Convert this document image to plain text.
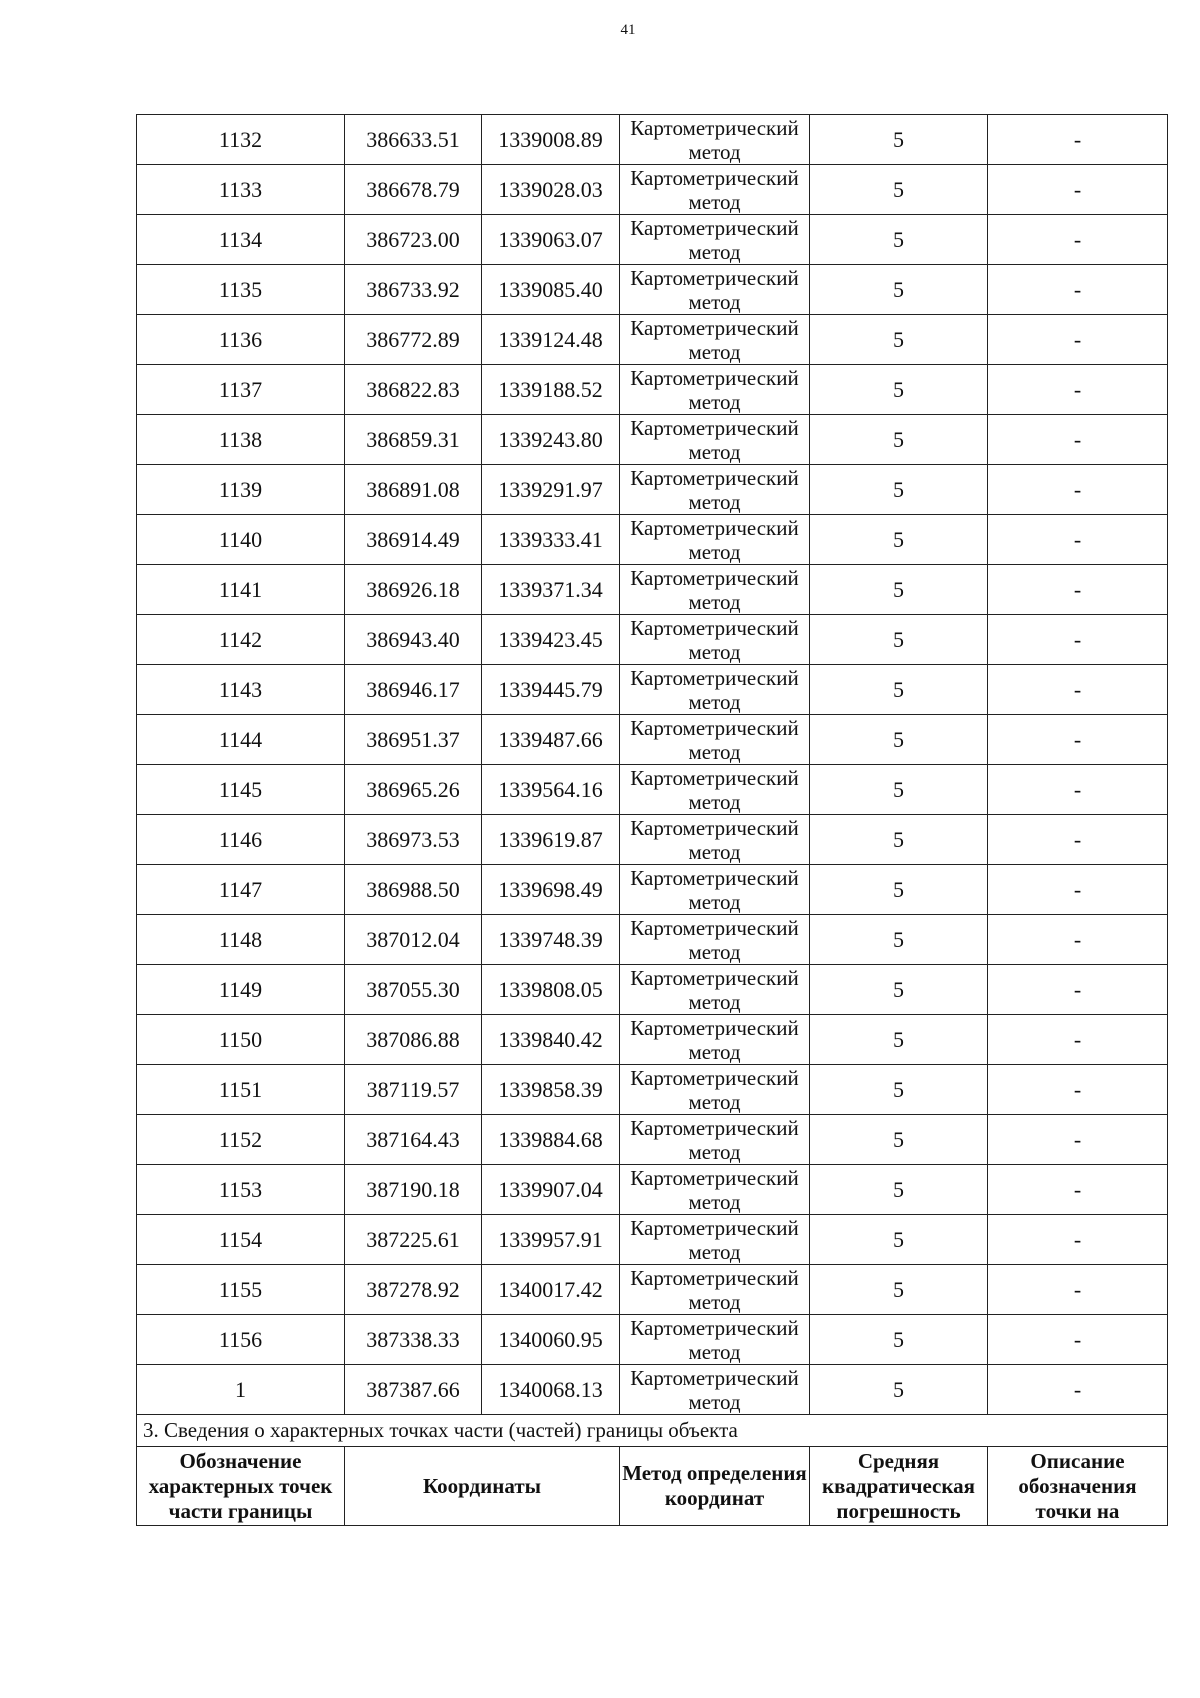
41
1132	386633.51	1339008.89	Картометрический метод	5	-
1133	386678.79	1339028.03	Картометрический метод	5	-
1134	386723.00	1339063.07	Картометрический метод	5	-
1135	386733.92	1339085.40	Картометрический метод	5	-
1136	386772.89	1339124.48	Картометрический метод	5	-
1137	386822.83	1339188.52	Картометрический метод	5	-
1138	386859.31	1339243.80	Картометрический метод	5	-
1139	386891.08	1339291.97	Картометрический метод	5	-
1140	386914.49	1339333.41	Картометрический метод	5	-
1141	386926.18	1339371.34	Картометрический метод	5	-
1142	386943.40	1339423.45	Картометрический метод	5	-
1143	386946.17	1339445.79	Картометрический метод	5	-
1144	386951.37	1339487.66	Картометрический метод	5	-
1145	386965.26	1339564.16	Картометрический метод	5	-
1146	386973.53	1339619.87	Картометрический метод	5	-
1147	386988.50	1339698.49	Картометрический метод	5	-
1148	387012.04	1339748.39	Картометрический метод	5	-
1149	387055.30	1339808.05	Картометрический метод	5	-
1150	387086.88	1339840.42	Картометрический метод	5	-
1151	387119.57	1339858.39	Картометрический метод	5	-
1152	387164.43	1339884.68	Картометрический метод	5	-
1153	387190.18	1339907.04	Картометрический метод	5	-
1154	387225.61	1339957.91	Картометрический метод	5	-
1155	387278.92	1340017.42	Картометрический метод	5	-
1156	387338.33	1340060.95	Картометрический метод	5	-
1	387387.66	1340068.13	Картометрический метод	5	-
3. Сведения о характерных точках части (частей) границы объекта					
Обозначение характерных точек части границы	Координаты		Метод определения координат	Средняя квадратическая погрешность	Описание обозначения точки на
